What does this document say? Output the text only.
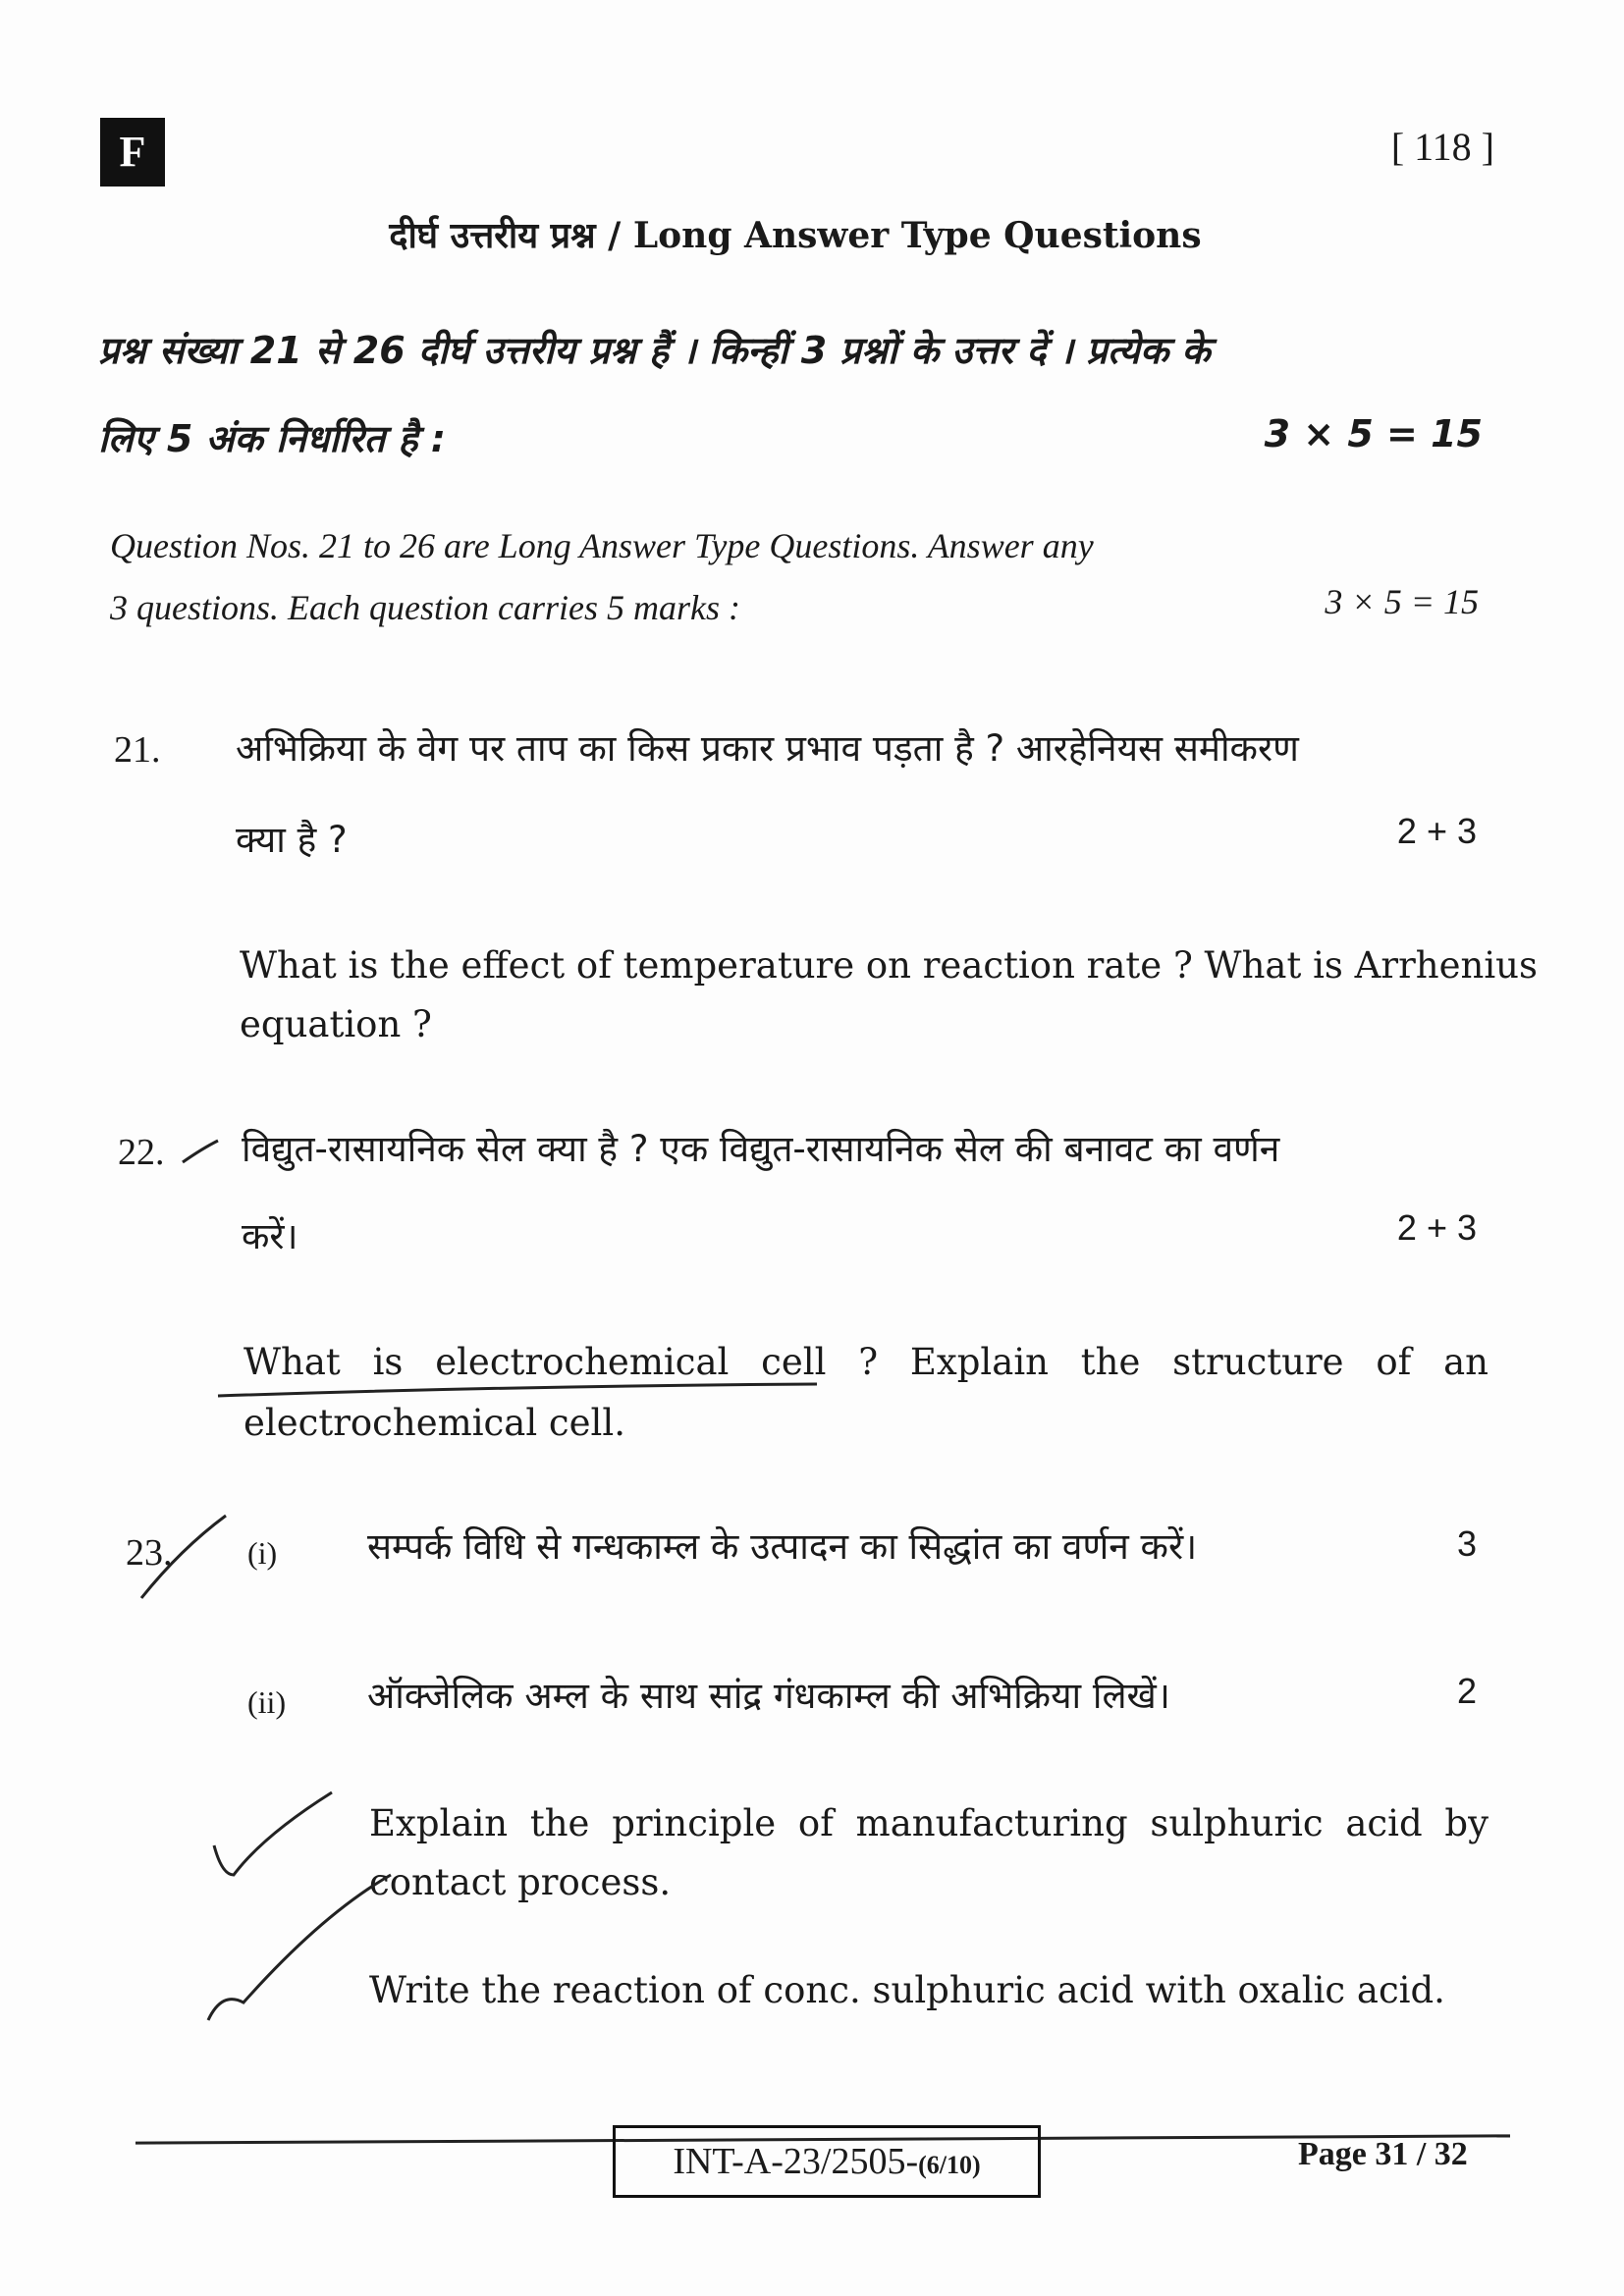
F	[ 118 ]
दीर्घ उत्तरीय प्रश्न / Long Answer Type Questions
प्रश्न संख्या 21 से 26 दीर्घ उत्तरीय प्रश्न हैं । किन्हीं 3 प्रश्नों के उत्तर दें । प्रत्येक के
लिए 5 अंक निर्धारित है :	3 × 5 = 15
Question Nos. 21 to 26 are Long Answer Type Questions. Answer any
3 questions. Each question carries 5 marks :	3 × 5 = 15
21. अभिक्रिया के वेग पर ताप का किस प्रकार प्रभाव पड़ता है ? आरहेनियस समीकरण
क्या है ?	2 + 3
What is the effect of temperature on reaction rate ? What is Arrhenius
equation ?
22. विद्युत-रासायनिक सेल क्या है ? एक विद्युत-रासायनिक सेल की बनावट का वर्णन
करें।	2 + 3
What is electrochemical cell ? Explain the structure of an
electrochemical cell.
23. (i) सम्पर्क विधि से गन्धकाम्ल के उत्पादन का सिद्धांत का वर्णन करें।	3
(ii) ऑक्जेलिक अम्ल के साथ सांद्र गंधकाम्ल की अभिक्रिया लिखें।	2
Explain the principle of manufacturing sulphuric acid by
contact process.
Write the reaction of conc. sulphuric acid with oxalic acid.
INT-A-23/2505-(6/10)	Page 31 / 32
